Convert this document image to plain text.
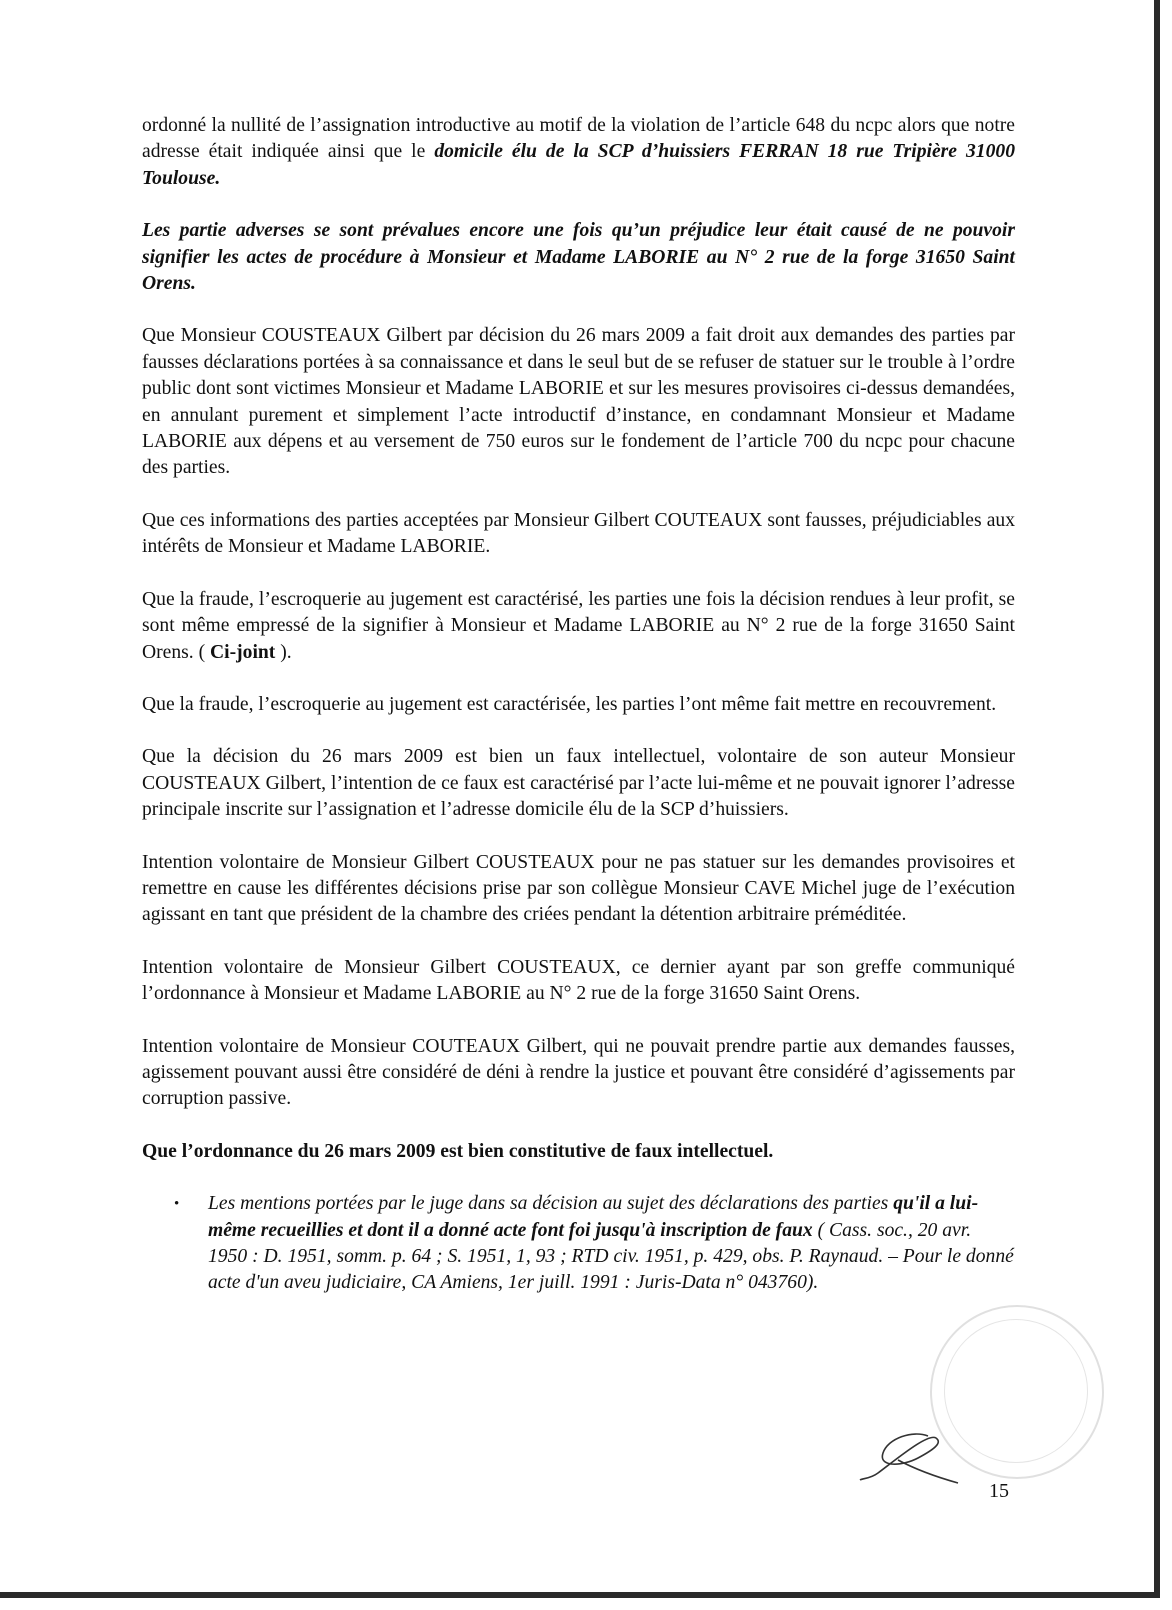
ordonné la nullité de l’assignation introductive au motif de la violation de l’article 648 du ncpc alors que notre adresse était indiquée ainsi que le domicile élu de la SCP d’huissiers FERRAN 18 rue Tripière 31000 Toulouse.

Les partie adverses se sont prévalues encore une fois qu’un préjudice leur était causé de ne pouvoir signifier les actes de procédure à Monsieur et Madame LABORIE au N° 2 rue de la forge 31650 Saint Orens.

Que Monsieur COUSTEAUX Gilbert par décision du 26 mars 2009 a fait droit aux demandes des parties par fausses déclarations portées à sa connaissance et dans le seul but de se refuser de statuer sur le trouble à l’ordre public dont sont victimes Monsieur et Madame LABORIE et sur les mesures provisoires ci-dessus demandées, en annulant purement et simplement l’acte introductif d’instance, en condamnant Monsieur et Madame LABORIE aux dépens et au versement de 750 euros sur le fondement de l’article 700 du ncpc pour chacune des parties.

Que ces informations des parties acceptées par Monsieur Gilbert COUTEAUX sont fausses, préjudiciables aux intérêts de Monsieur et Madame LABORIE.

Que la fraude, l’escroquerie au jugement est caractérisé, les parties une fois la décision rendues à leur profit, se sont même empressé de la signifier à Monsieur et Madame LABORIE au N° 2 rue de la forge 31650 Saint Orens. ( Ci-joint ).

Que la fraude, l’escroquerie au jugement est caractérisée, les parties l’ont même fait mettre en recouvrement.

Que la décision du 26 mars 2009 est bien un faux intellectuel, volontaire de son auteur Monsieur COUSTEAUX Gilbert, l’intention de ce faux est caractérisé par l’acte lui-même et ne pouvait ignorer l’adresse principale inscrite sur l’assignation et l’adresse domicile élu de la SCP d’huissiers.

Intention volontaire de Monsieur Gilbert COUSTEAUX pour ne pas statuer sur les demandes provisoires et remettre en cause les différentes décisions prise par son collègue Monsieur CAVE Michel juge de l’exécution agissant en tant que président de la chambre des criées pendant la détention arbitraire préméditée.

Intention volontaire de Monsieur Gilbert COUSTEAUX, ce dernier ayant par son greffe communiqué l’ordonnance à Monsieur et Madame LABORIE au N° 2 rue de la forge 31650 Saint Orens.

Intention volontaire de Monsieur COUTEAUX Gilbert, qui ne pouvait prendre partie aux demandes fausses, agissement pouvant aussi être considéré de déni à rendre la justice et pouvant être considéré d’agissements par corruption passive.

Que l’ordonnance du 26 mars 2009 est bien constitutive de faux intellectuel.

•	Les mentions portées par le juge dans sa décision au sujet des déclarations des parties qu'il a lui-même recueillies et dont il a donné acte font foi jusqu'à inscription de faux ( Cass. soc., 20 avr. 1950 : D. 1951, somm. p. 64 ; S. 1951, 1, 93 ; RTD civ. 1951, p. 429, obs. P. Raynaud. – Pour le donné acte d'un aveu judiciaire, CA Amiens, 1er juill. 1991 : Juris-Data n° 043760).
15
